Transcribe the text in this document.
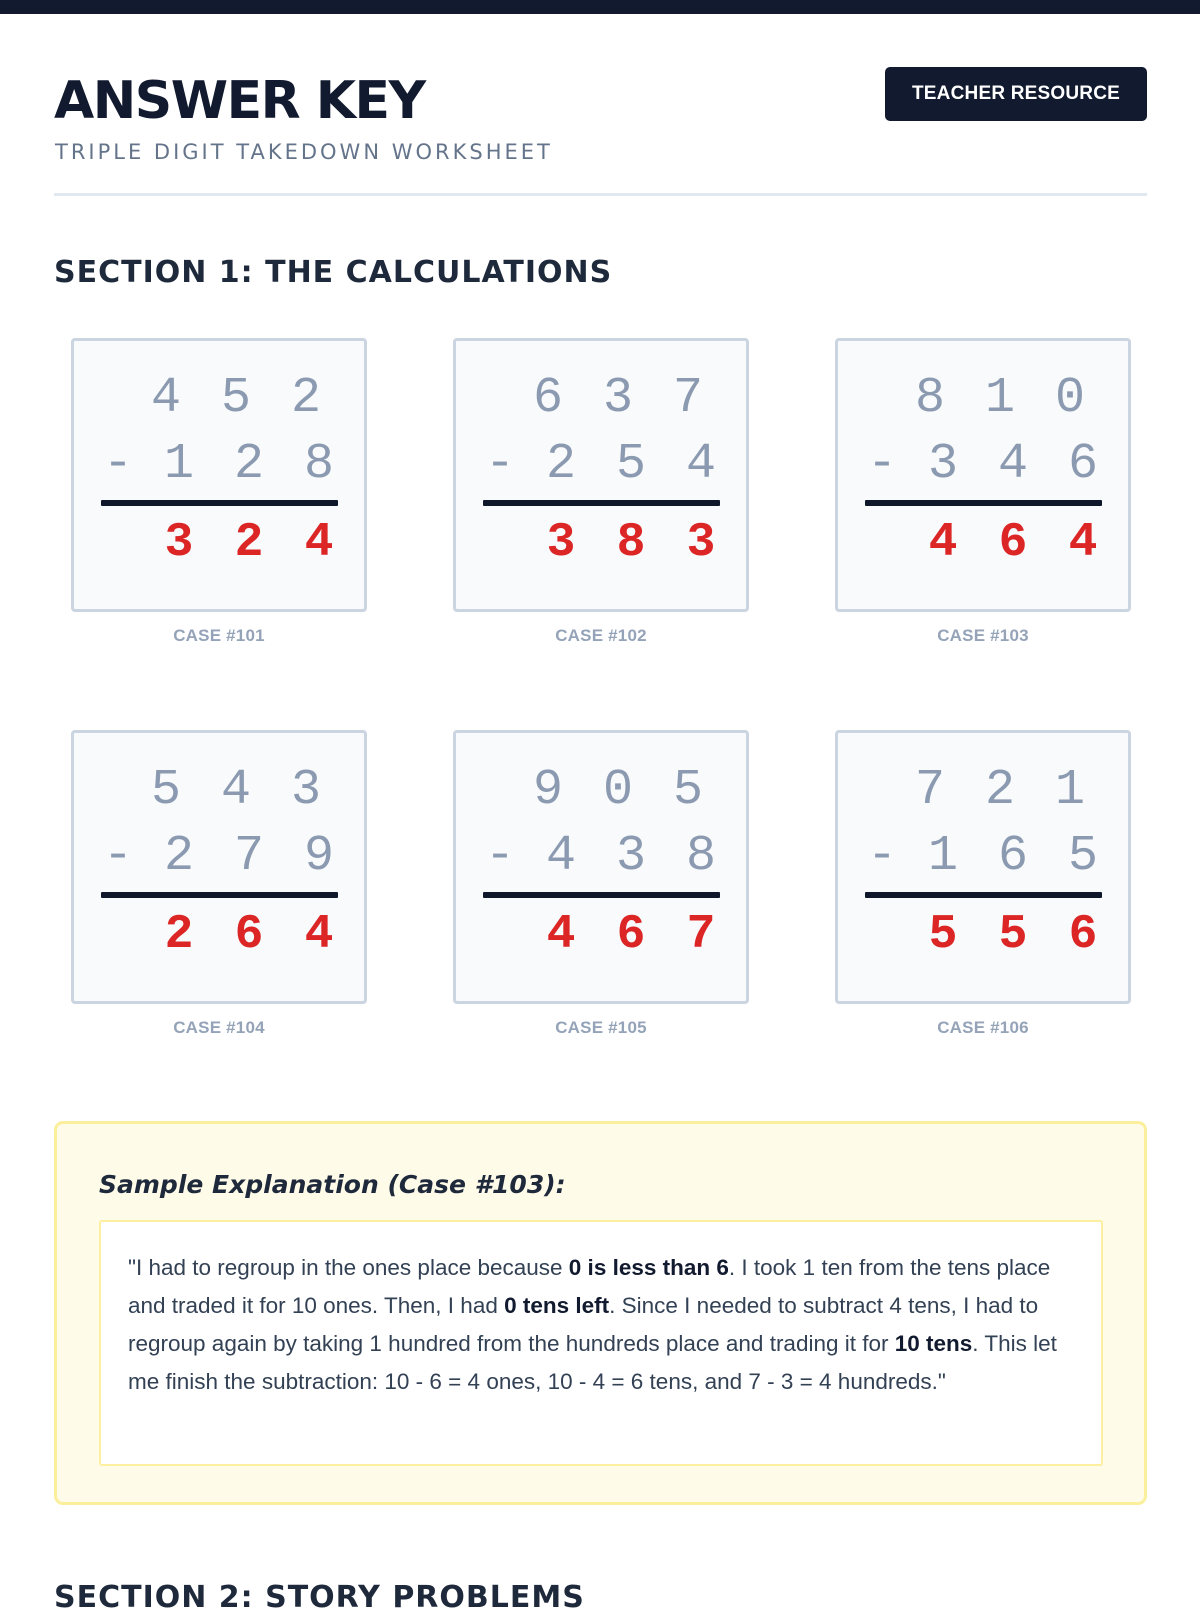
ANSWER KEY
TRIPLE DIGIT TAKEDOWN WORKSHEET
TEACHER RESOURCE
SECTION 1: THE CALCULATIONS
4 5 2
- 1 2 8
3 2 4
CASE #101
6 3 7
- 2 5 4
3 8 3
CASE #102
8 1 0
- 3 4 6
4 6 4
CASE #103
5 4 3
- 2 7 9
2 6 4
CASE #104
9 0 5
- 4 3 8
4 6 7
CASE #105
7 2 1
- 1 6 5
5 5 6
CASE #106
Sample Explanation (Case #103):
"I had to regroup in the ones place because 0 is less than 6. I took 1 ten from the tens place and traded it for 10 ones. Then, I had 0 tens left. Since I needed to subtract 4 tens, I had to regroup again by taking 1 hundred from the hundreds place and trading it for 10 tens. This let me finish the subtraction: 10 - 6 = 4 ones, 10 - 4 = 6 tens, and 7 - 3 = 4 hundreds."
SECTION 2: STORY PROBLEMS
